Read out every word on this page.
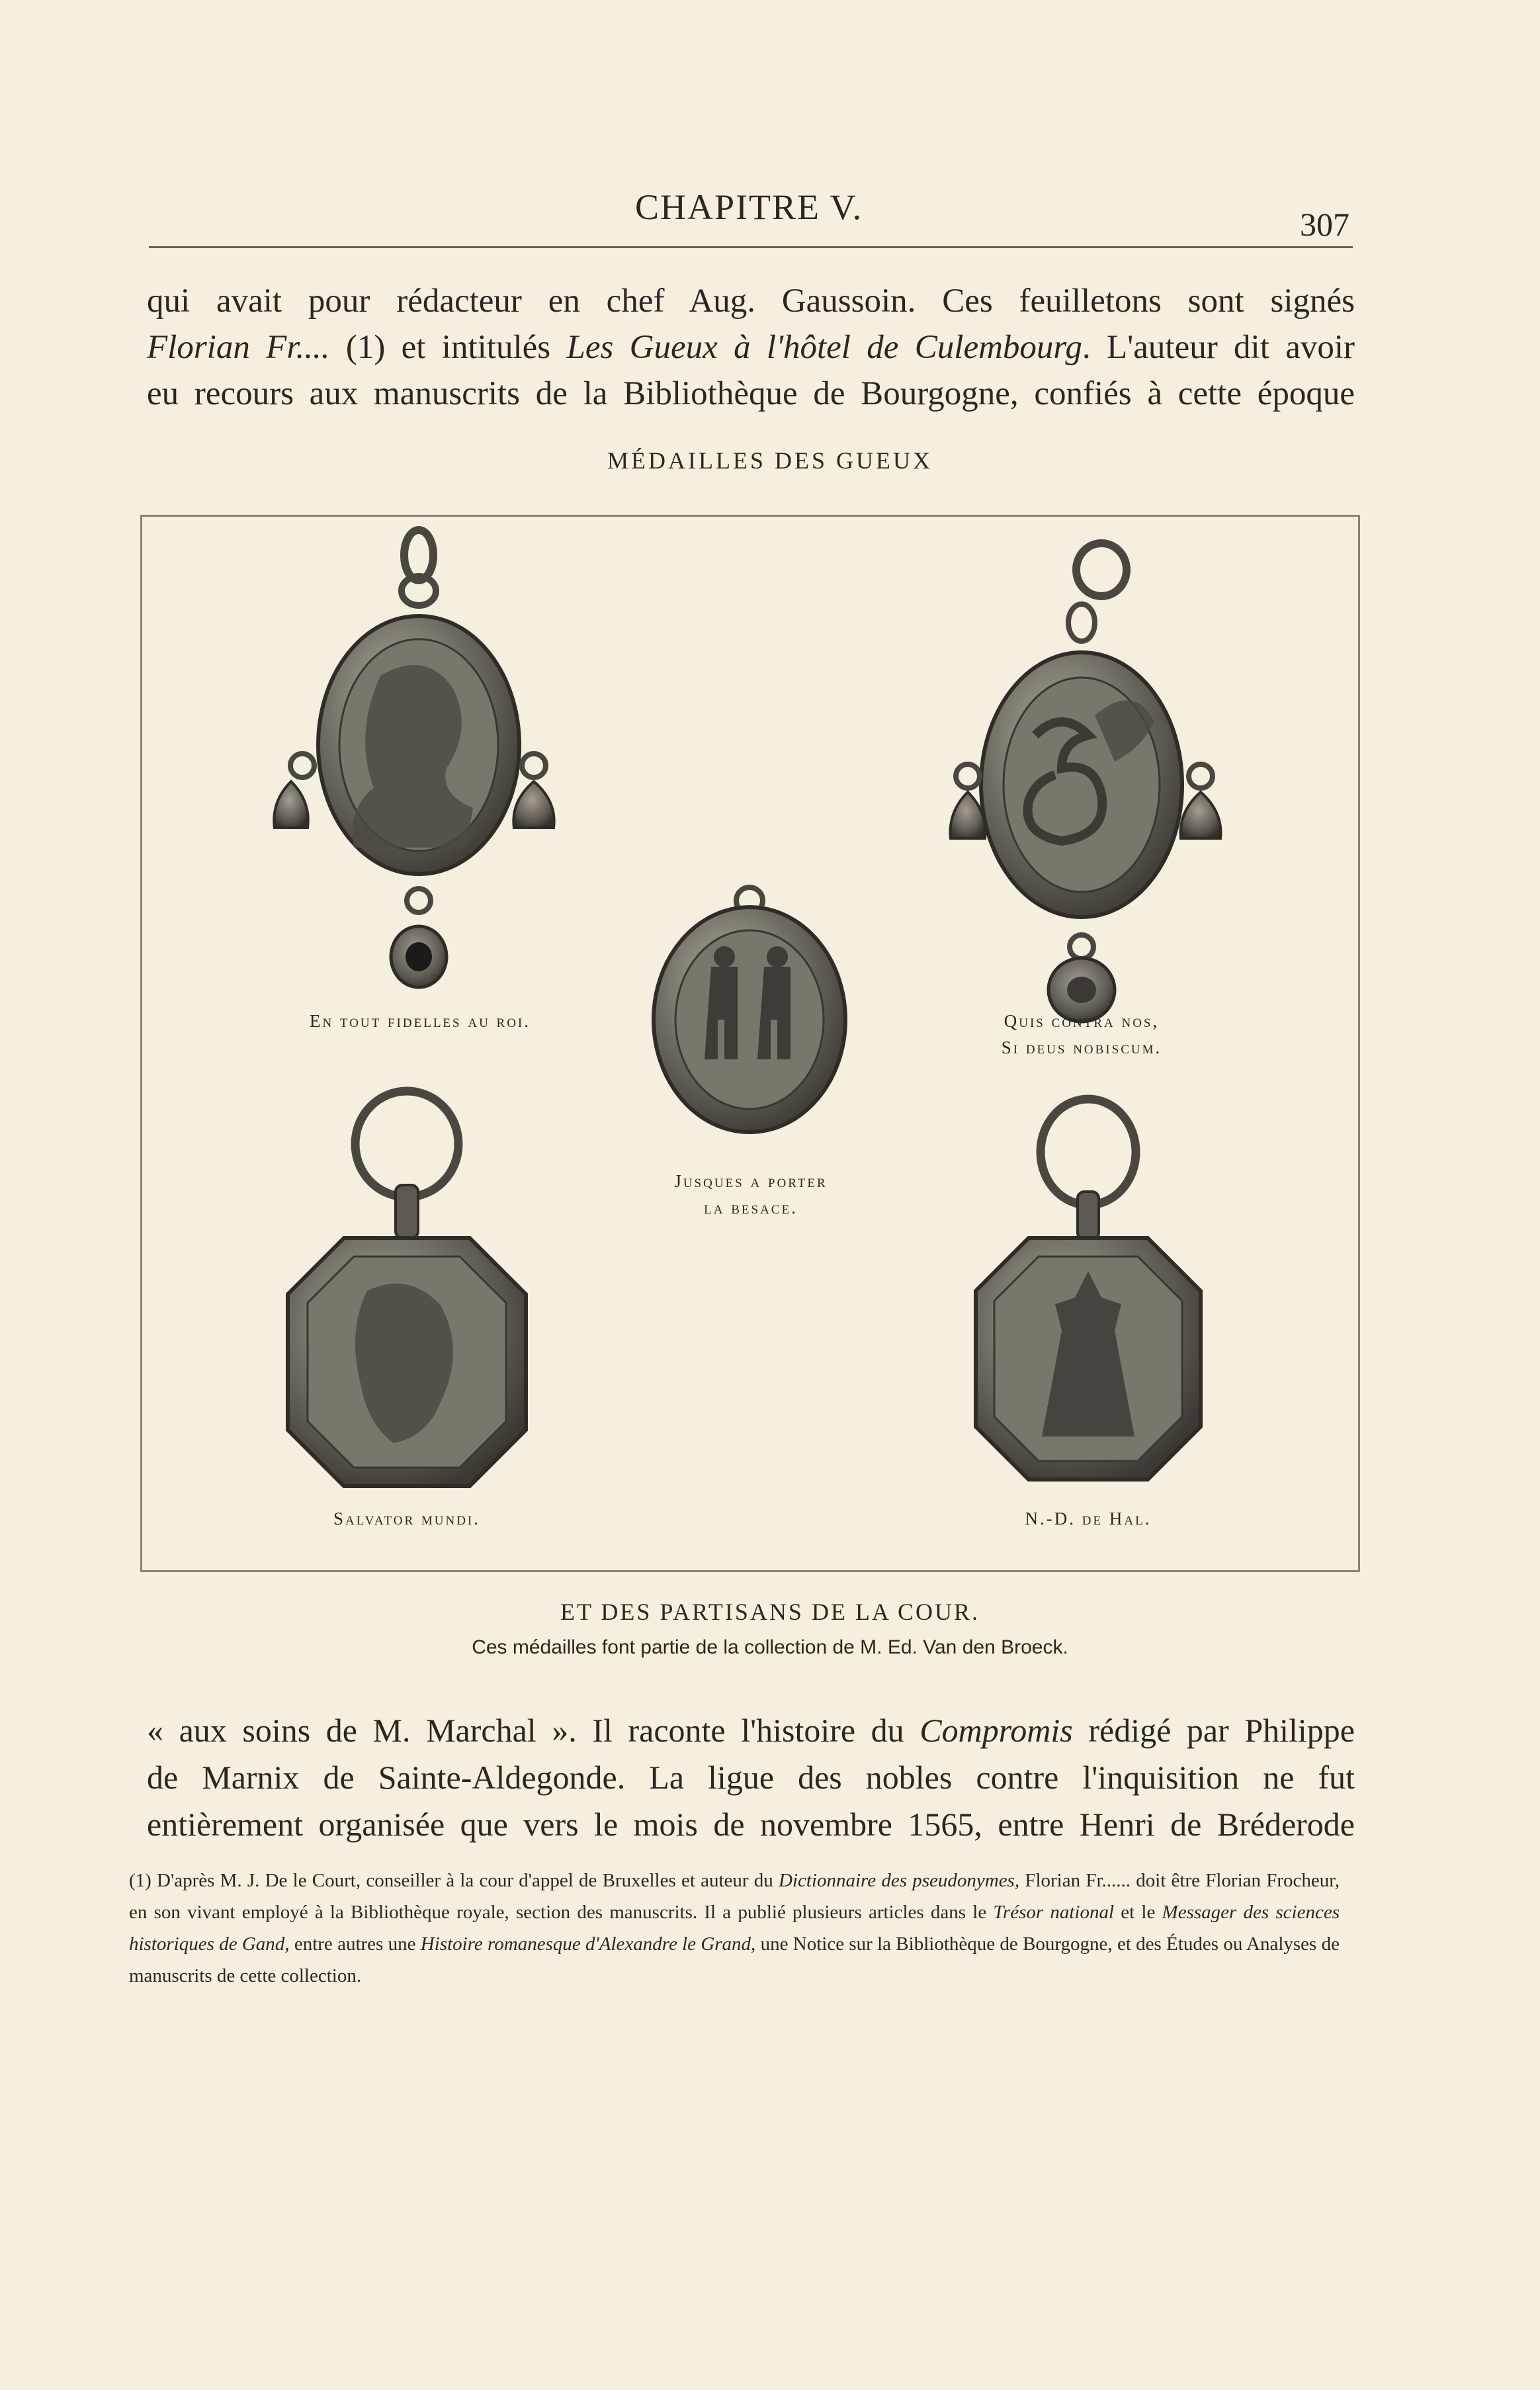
CHAPITRE V.	307

qui avait pour rédacteur en chef Aug. Gaussoin. Ces feuilletons sont signés

Florian Fr.... (1) et intitulés Les Gueux à l'hôtel de Culembourg. L'auteur dit avoir

eu recours aux manuscrits de la Bibliothèque de Bourgogne, confiés à cette époque

MÉDAILLES DES GUEUX
En tout fidelles au roi.	Quis contra nos,
Si deus nobiscum.
Jusques a porter
la besace.
Salvator mundi.	N.-D. de Hal.
ET DES PARTISANS DE LA COUR.
Ces médailles font partie de la collection de M. Ed. Van den Broeck.

« aux soins de M. Marchal ». Il raconte l'histoire du Compromis rédigé par Philippe

de Marnix de Sainte-Aldegonde. La ligue des nobles contre l'inquisition ne fut

entièrement organisée que vers le mois de novembre 1565, entre Henri de Bréderode

(1) D'après M. J. De le Court, conseiller à la cour d'appel de Bruxelles et auteur du Dictionnaire des pseudonymes, Florian Fr...... doit être Florian Frocheur, en son vivant employé à la Bibliothèque royale, section des manuscrits. Il a publié plusieurs articles dans le Trésor national et le Messager des sciences historiques de Gand, entre autres une Histoire romanesque d'Alexandre le Grand, une Notice sur la Bibliothèque de Bourgogne, et des Études ou Analyses de manuscrits de cette collection.
